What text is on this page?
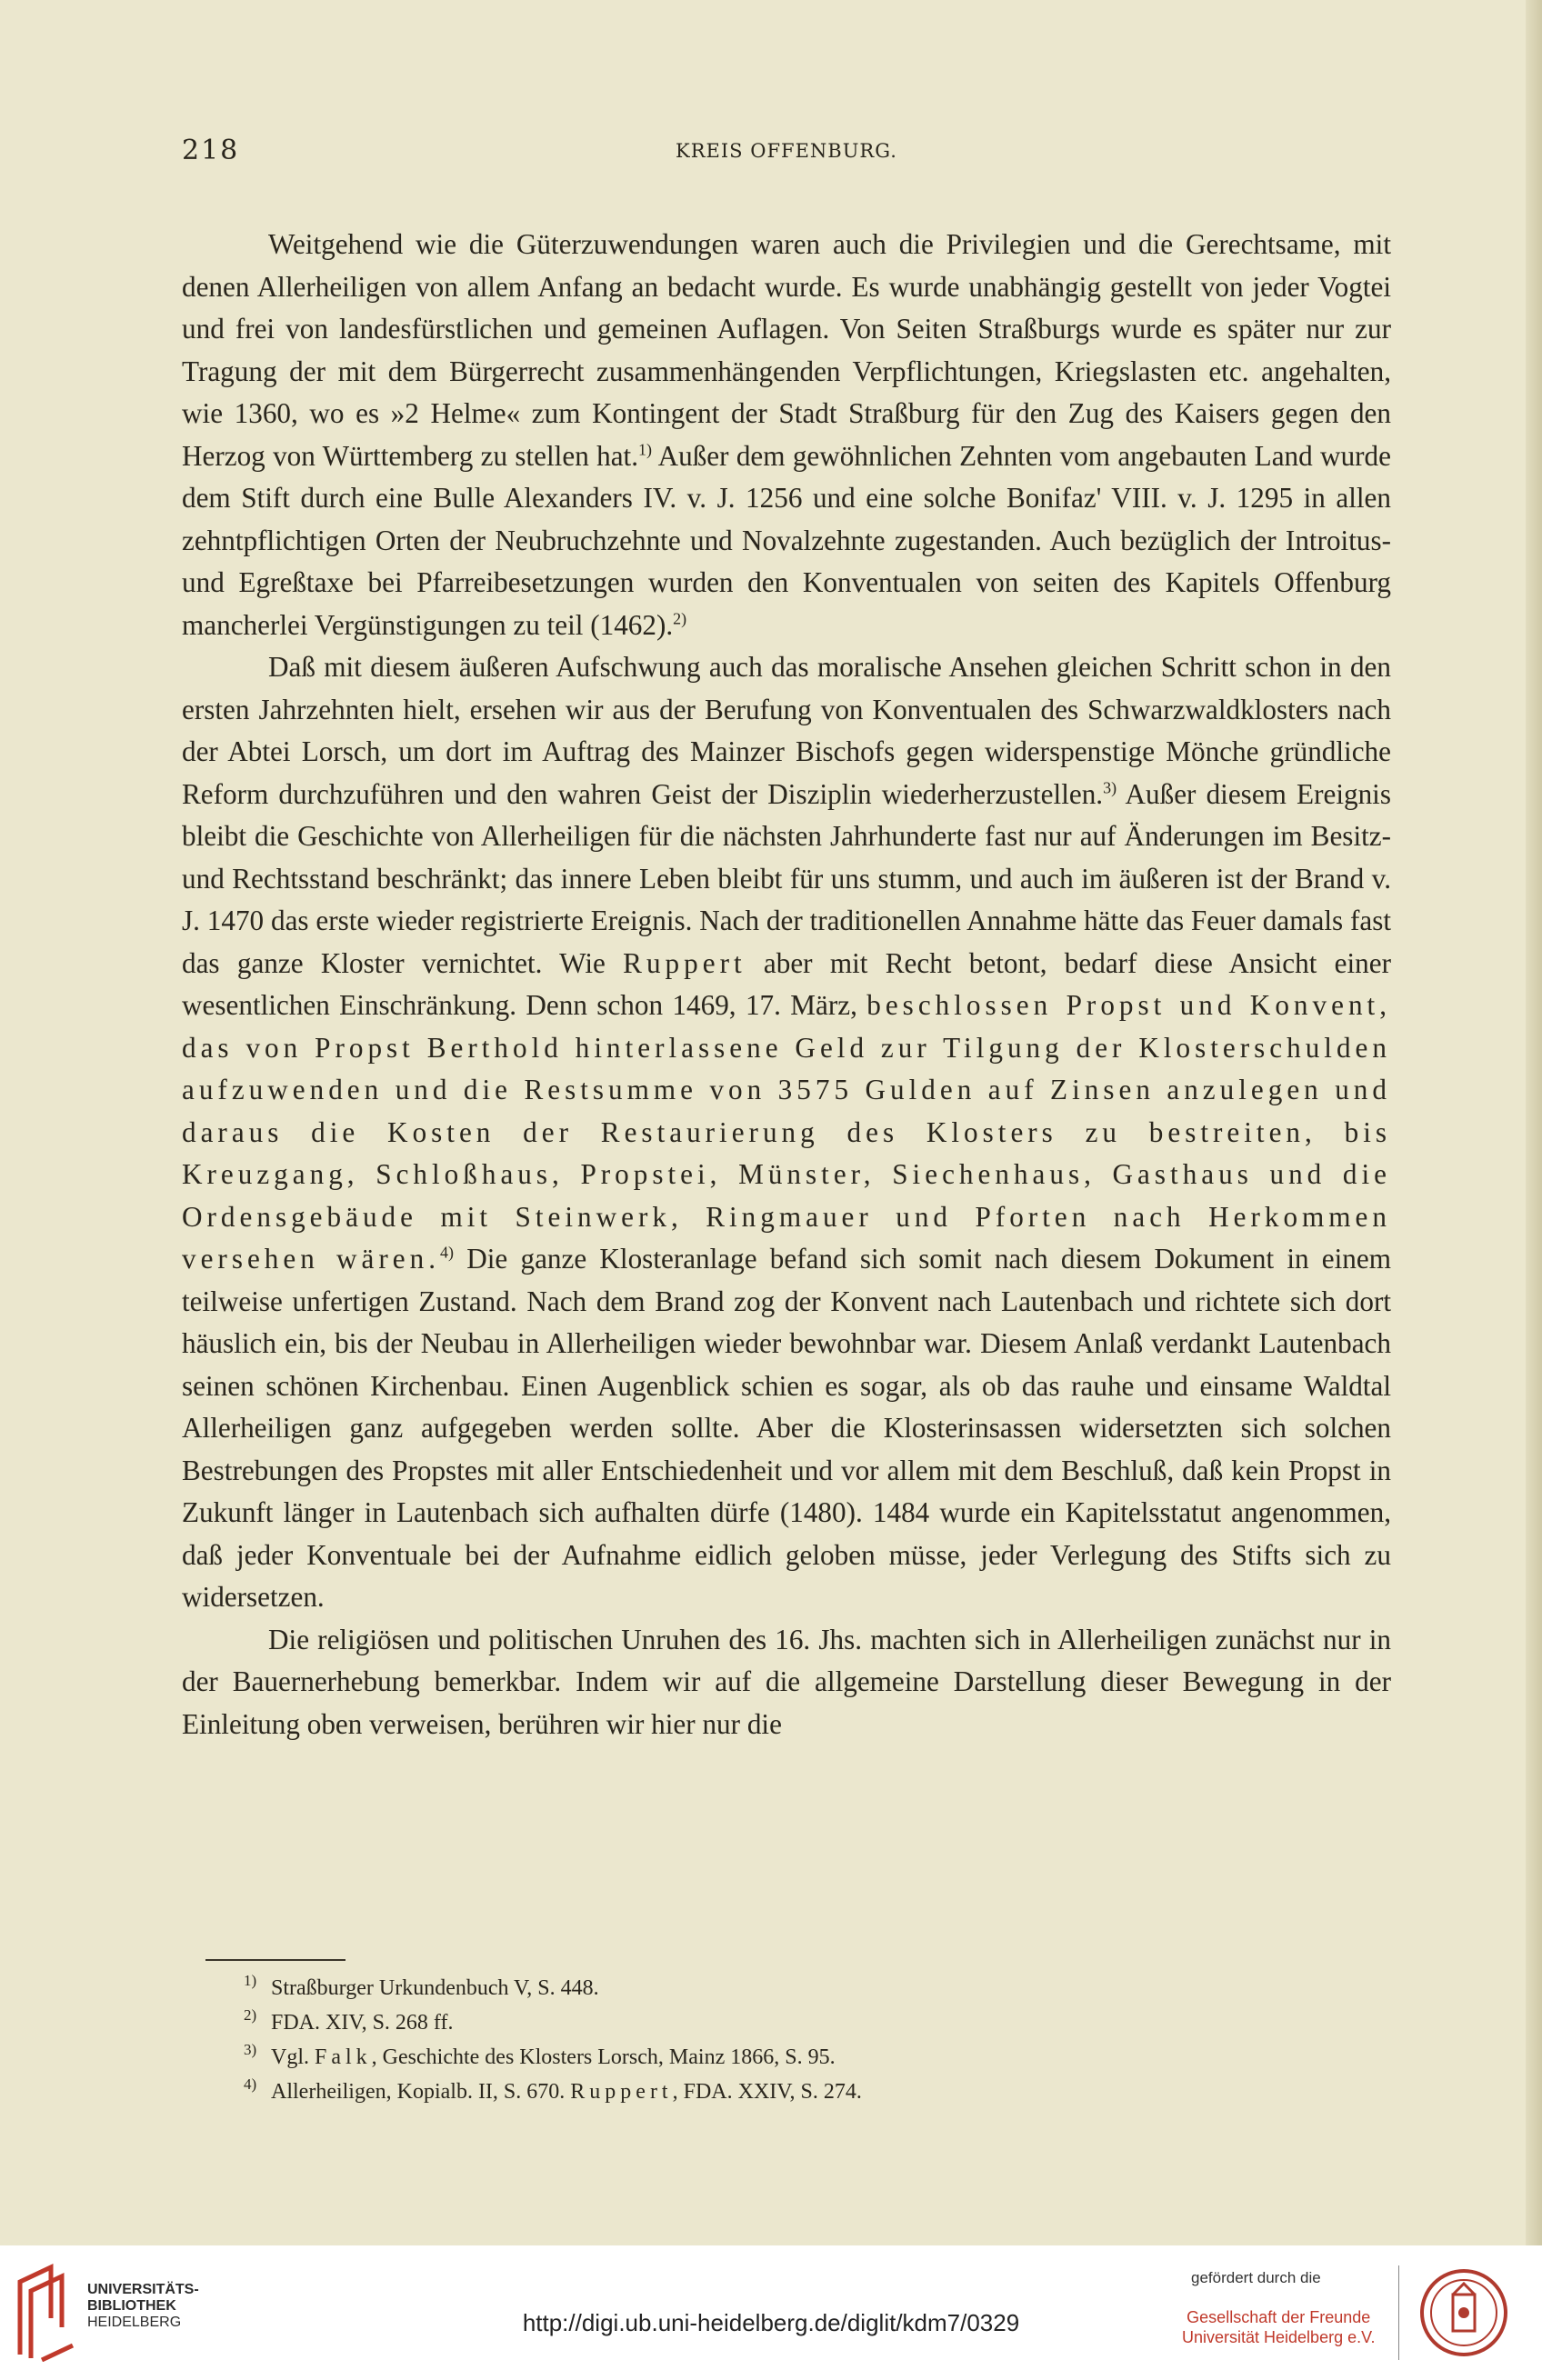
218	KREIS OFFENBURG.

Weitgehend wie die Güterzuwendungen waren auch die Privilegien und die Gerechtsame, mit denen Allerheiligen von allem Anfang an bedacht wurde. Es wurde unabhängig gestellt von jeder Vogtei und frei von landesfürstlichen und gemeinen Auflagen. Von Seiten Straßburgs wurde es später nur zur Tragung der mit dem Bürgerrecht zusammenhängenden Verpflichtungen, Kriegslasten etc. angehalten, wie 1360, wo es »2 Helme« zum Kontingent der Stadt Straßburg für den Zug des Kaisers gegen den Herzog von Württemberg zu stellen hat.$^{1)}$ Außer dem gewöhnlichen Zehnten vom angebauten Land wurde dem Stift durch eine Bulle Alexanders IV. v. J. 1256 und eine solche Bonifaz' VIII. v. J. 1295 in allen zehntpflichtigen Orten der Neubruchzehnte und Novalzehnte zugestanden. Auch bezüglich der Introitus- und Egreßtaxe bei Pfarreibesetzungen wurden den Konventualen von seiten des Kapitels Offenburg mancherlei Vergünstigungen zu teil (1462).$^{2)}$

Daß mit diesem äußeren Aufschwung auch das moralische Ansehen gleichen Schritt schon in den ersten Jahrzehnten hielt, ersehen wir aus der Berufung von Konventualen des Schwarzwaldklosters nach der Abtei Lorsch, um dort im Auftrag des Mainzer Bischofs gegen widerspenstige Mönche gründliche Reform durchzuführen und den wahren Geist der Disziplin wiederherzustellen.$^{3)}$ Außer diesem Ereignis bleibt die Geschichte von Allerheiligen für die nächsten Jahrhunderte fast nur auf Änderungen im Besitz- und Rechtsstand beschränkt; das innere Leben bleibt für uns stumm, und auch im äußeren ist der Brand v. J. 1470 das erste wieder registrierte Ereignis. Nach der traditionellen Annahme hätte das Feuer damals fast das ganze Kloster vernichtet. Wie Ruppert aber mit Recht betont, bedarf diese Ansicht einer wesentlichen Einschränkung. Denn schon 1469, 17. März, beschlossen Propst und Konvent, das von Propst Berthold hinterlassene Geld zur Tilgung der Klosterschulden aufzuwenden und die Restsumme von 3575 Gulden auf Zinsen anzulegen und daraus die Kosten der Restaurierung des Klosters zu bestreiten, bis Kreuzgang, Schloßhaus, Propstei, Münster, Siechenhaus, Gasthaus und die Ordensgebäude mit Steinwerk, Ringmauer und Pforten nach Herkommen versehen wären.$^{4)}$ Die ganze Klosteranlage befand sich somit nach diesem Dokument in einem teilweise unfertigen Zustand. Nach dem Brand zog der Konvent nach Lautenbach und richtete sich dort häuslich ein, bis der Neubau in Allerheiligen wieder bewohnbar war. Diesem Anlaß verdankt Lautenbach seinen schönen Kirchenbau. Einen Augenblick schien es sogar, als ob das rauhe und einsame Waldtal Allerheiligen ganz aufgegeben werden sollte. Aber die Klosterinsassen widersetzten sich solchen Bestrebungen des Propstes mit aller Entschiedenheit und vor allem mit dem Beschluß, daß kein Propst in Zukunft länger in Lautenbach sich aufhalten dürfe (1480). 1484 wurde ein Kapitelsstatut angenommen, daß jeder Konventuale bei der Aufnahme eidlich geloben müsse, jeder Verlegung des Stifts sich zu widersetzen.

Die religiösen und politischen Unruhen des 16. Jhs. machten sich in Allerheiligen zunächst nur in der Bauernerhebung bemerkbar. Indem wir auf die allgemeine Darstellung dieser Bewegung in der Einleitung oben verweisen, berühren wir hier nur die

1) Straßburger Urkundenbuch V, S. 448.
2) FDA. XIV, S. 268 ff.
3) Vgl. Falk, Geschichte des Klosters Lorsch, Mainz 1866, S. 95.
4) Allerheiligen, Kopialb. II, S. 670. Ruppert, FDA. XXIV, S. 274.
UNIVERSITÄTS-
BIBLIOTHEK
HEIDELBERG	http://digi.ub.uni-heidelberg.de/diglit/kdm7/0329
gefördert durch die
Gesellschaft der Freunde
Universität Heidelberg e.V.
